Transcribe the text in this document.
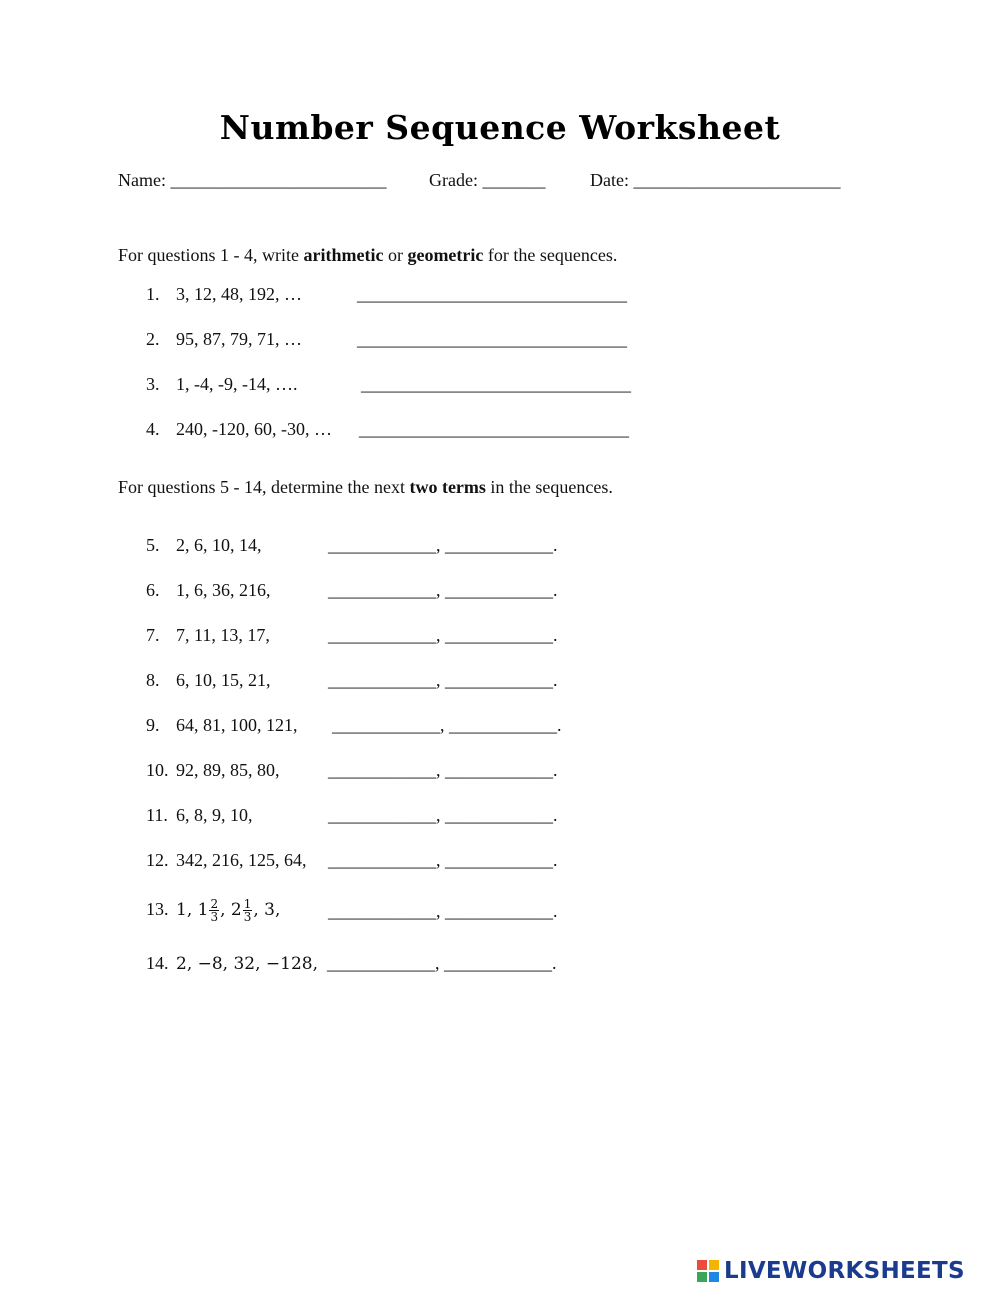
Number Sequence Worksheet
Name: ________________________ Grade: _______ Date: _______________________
For questions 1 - 4, write arithmetic or geometric for the sequences.
1. 3, 12, 48, 192, …	______________________________
2. 95, 87, 79, 71, …	______________________________
3. 1, -4, -9, -14, ….	______________________________
4. 240, -120, 60, -30, … ______________________________
For questions 5 - 14, determine the next two terms in the sequences.
5. 2, 6, 10, 14,	____________, ____________.
6. 1, 6, 36, 216,	____________, ____________.
7. 7, 11, 13, 17,	____________, ____________.
8. 6, 10, 15, 21,	____________, ____________.
9. 64, 81, 100, 121, ____________, ____________.
10. 92, 89, 85, 80,	____________, ____________.
11. 6, 8, 9, 10,	____________, ____________.
12. 342, 216, 125, 64, ____________, ____________.
13. 1, $1 \frac{2}{3}$ , $2 \frac{1}{3}$ , 3,	____________, ____________.
14. 2, −8, 32, −128, ____________, ____________.
LIVEWORKSHEETS
